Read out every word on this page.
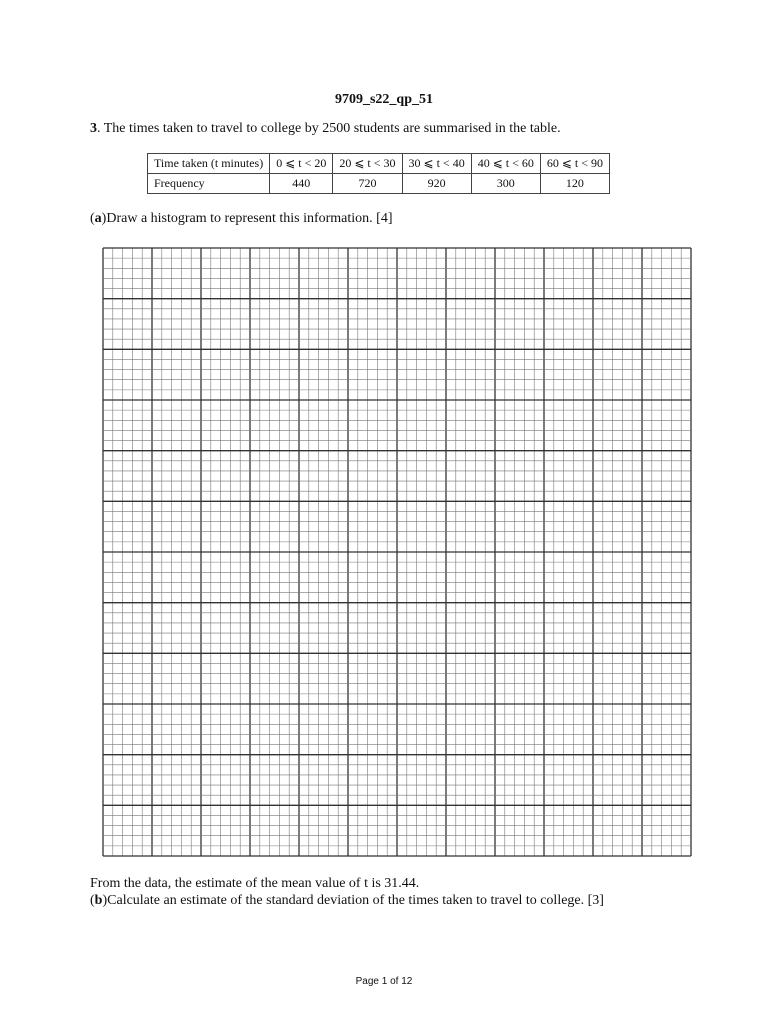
9709_s22_qp_51
3. The times taken to travel to college by 2500 students are summarised in the table.
Time taken (t minutes)	0 ⩽ t < 20	20 ⩽ t < 30	30 ⩽ t < 40	40 ⩽ t < 60	60 ⩽ t < 90
Frequency	440	720	920	300	120
(a)Draw a histogram to represent this information. [4]
From the data, the estimate of the mean value of t is 31.44.
(b)Calculate an estimate of the standard deviation of the times taken to travel to college. [3]
Page 1 of 12
